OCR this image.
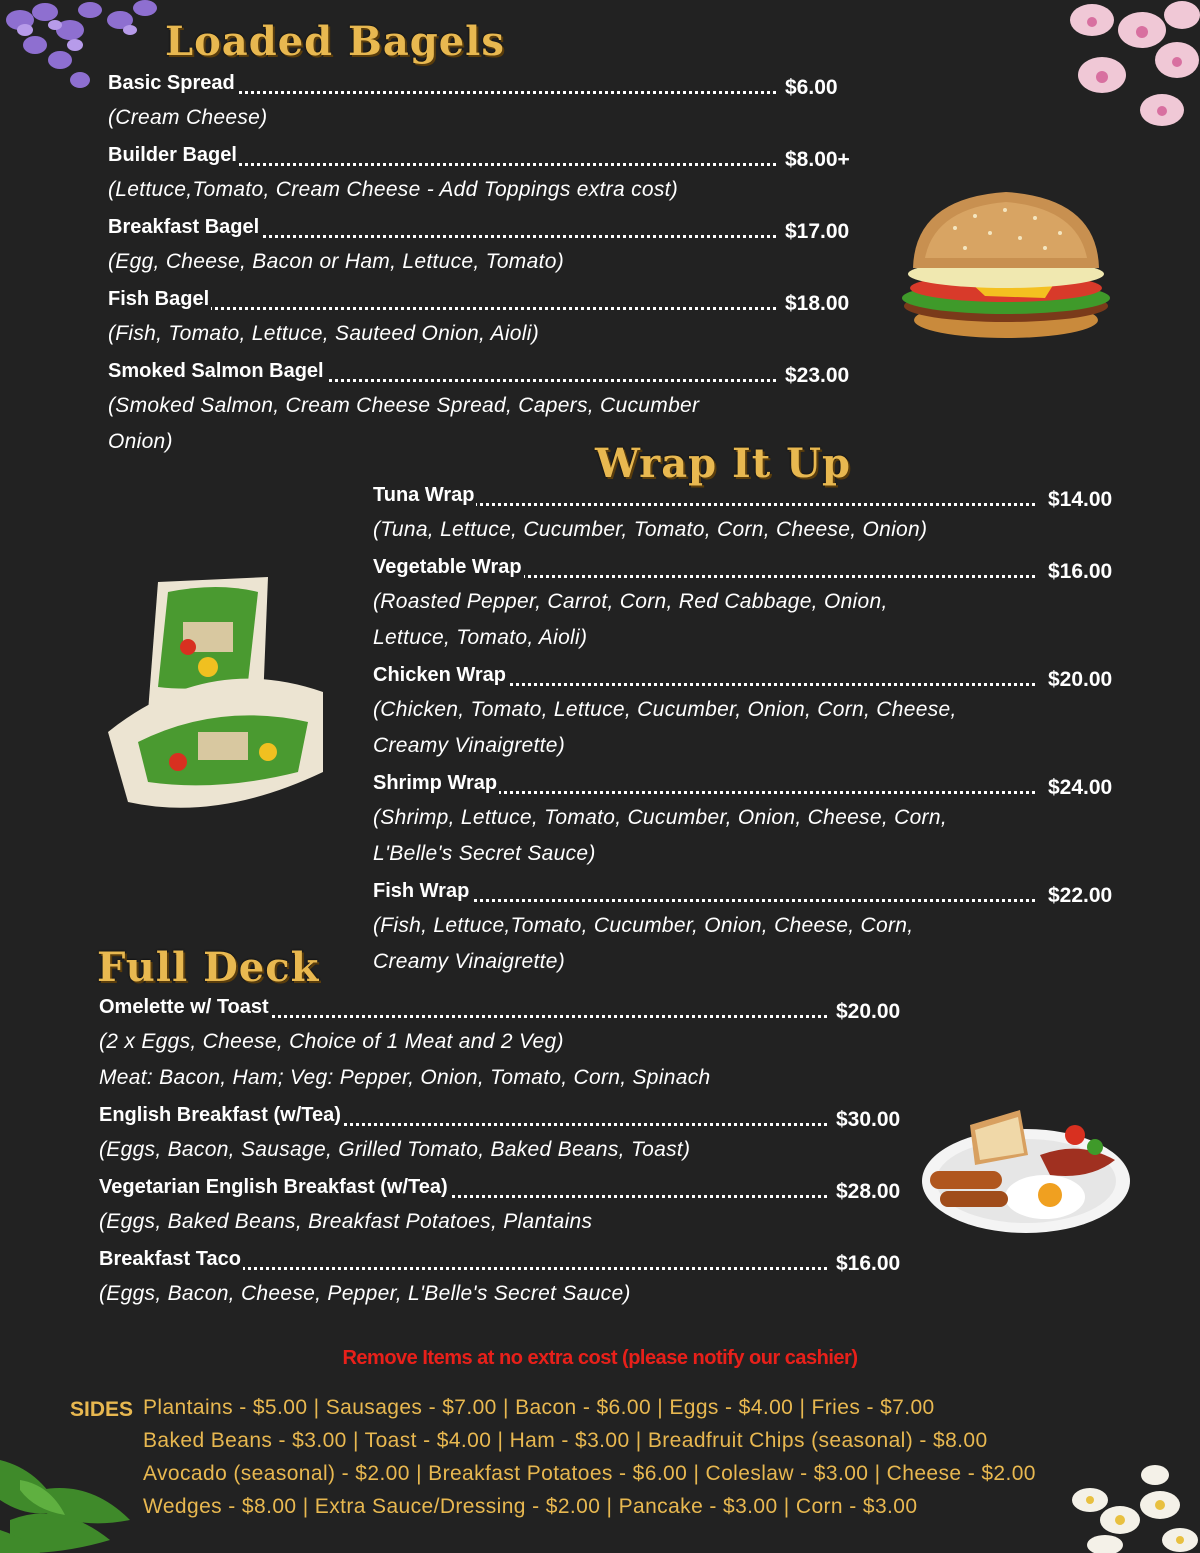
Loaded Bagels
Basic Spread	$6.00
(Cream Cheese)
Builder Bagel	$8.00+
(Lettuce,Tomato, Cream Cheese - Add Toppings extra cost)
Breakfast Bagel	$17.00
(Egg, Cheese, Bacon or Ham, Lettuce, Tomato)
Fish Bagel	$18.00
(Fish, Tomato, Lettuce, Sauteed Onion, Aioli)
Smoked Salmon Bagel	$23.00
(Smoked Salmon, Cream Cheese Spread, Capers, Cucumber
Onion)	Wrap It Up
Tuna Wrap	$14.00
(Tuna, Lettuce, Cucumber, Tomato, Corn, Cheese, Onion)
Vegetable Wrap	$16.00
(Roasted Pepper, Carrot, Corn, Red Cabbage, Onion,
Lettuce, Tomato, Aioli)
Chicken Wrap	$20.00
(Chicken, Tomato, Lettuce, Cucumber, Onion, Corn, Cheese,
Creamy Vinaigrette)
Shrimp Wrap	$24.00
(Shrimp, Lettuce, Tomato, Cucumber, Onion, Cheese, Corn,
L'Belle's Secret Sauce)
Fish Wrap	$22.00
(Fish, Lettuce,Tomato, Cucumber, Onion, Cheese, Corn,
Creamy Vinaigrette)
Full Deck
Omelette w/ Toast	$20.00
(2 x Eggs, Cheese, Choice of 1 Meat and 2 Veg)
Meat: Bacon, Ham; Veg: Pepper, Onion, Tomato, Corn, Spinach
English Breakfast (w/Tea)	$30.00
(Eggs, Bacon, Sausage, Grilled Tomato, Baked Beans, Toast)
Vegetarian English Breakfast (w/Tea)	$28.00
(Eggs, Baked Beans, Breakfast Potatoes, Plantains
Breakfast Taco	$16.00
(Eggs, Bacon, Cheese, Pepper, L'Belle's Secret Sauce)
Remove Items at no extra cost (please notify our cashier)
SIDES Plantains - $5.00 | Sausages - $7.00 | Bacon - $6.00 | Eggs - $4.00 | Fries - $7.00
Baked Beans - $3.00 | Toast - $4.00 | Ham - $3.00 | Breadfruit Chips (seasonal) - $8.00
Avocado (seasonal) - $2.00 | Breakfast Potatoes - $6.00 | Coleslaw - $3.00 | Cheese - $2.00
Wedges - $8.00 | Extra Sauce/Dressing - $2.00 | Pancake - $3.00 | Corn - $3.00
